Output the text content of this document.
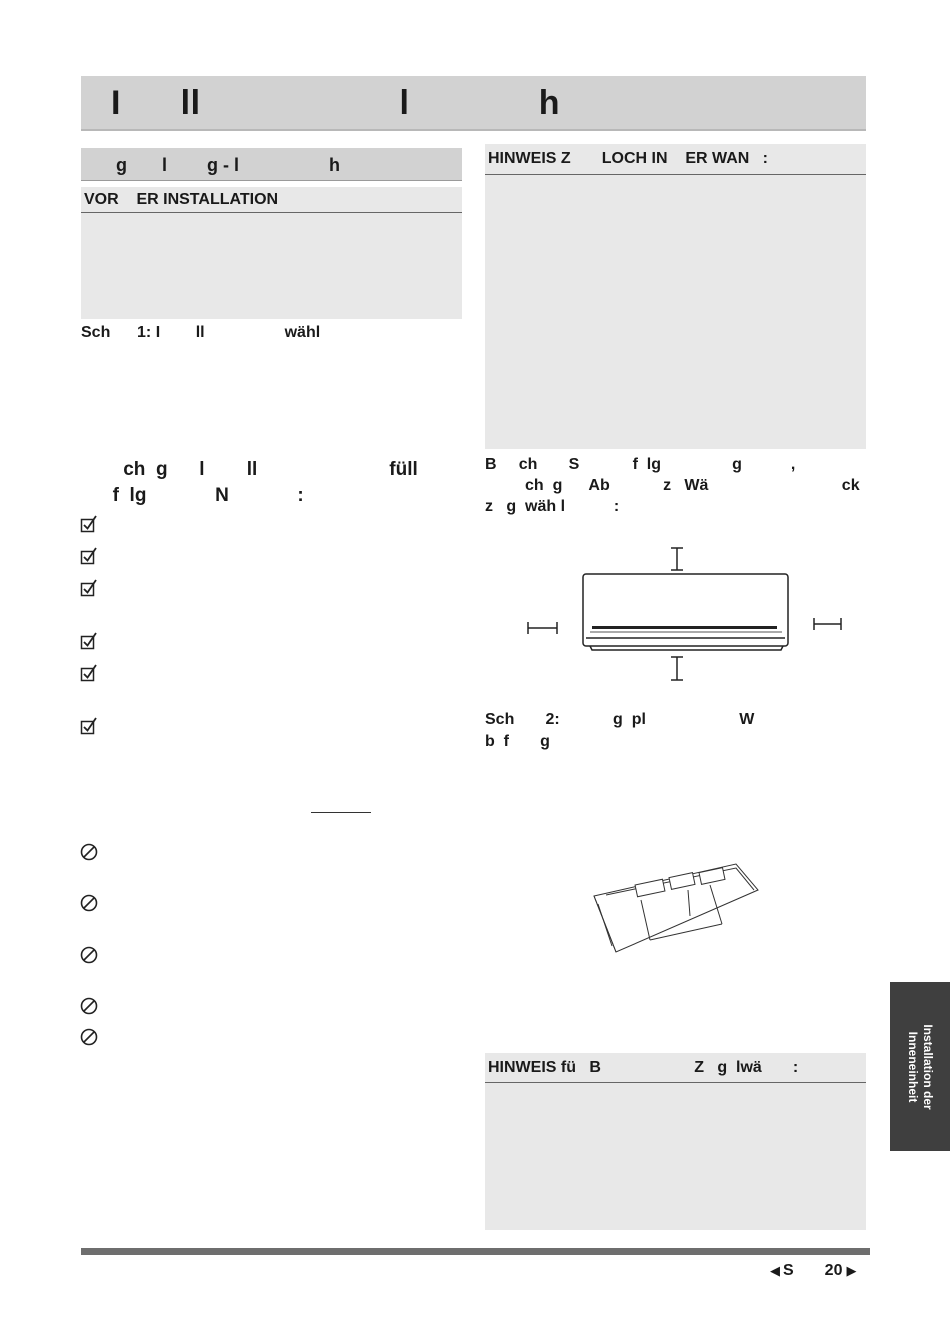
I      ll                    l             h
g       l        g - l                  h
VOR    ER INSTALLATION
Sch      1: I        ll                  wähl
ch  g      l        ll                         füll
f  lg             N             :
HINWEIS Z       LOCH IN    ER WAN   :
B     ch       S            f  lg                g           ,
ch  g      Ab            z   Wä                              ck
z   g  wäh l           :
Sch       2:            g  pl                     W
b  f       g
HINWEIS fü   B                     Z   g  lwä       :	Installation der
Inneneinheit
◀ S 20 ▶
